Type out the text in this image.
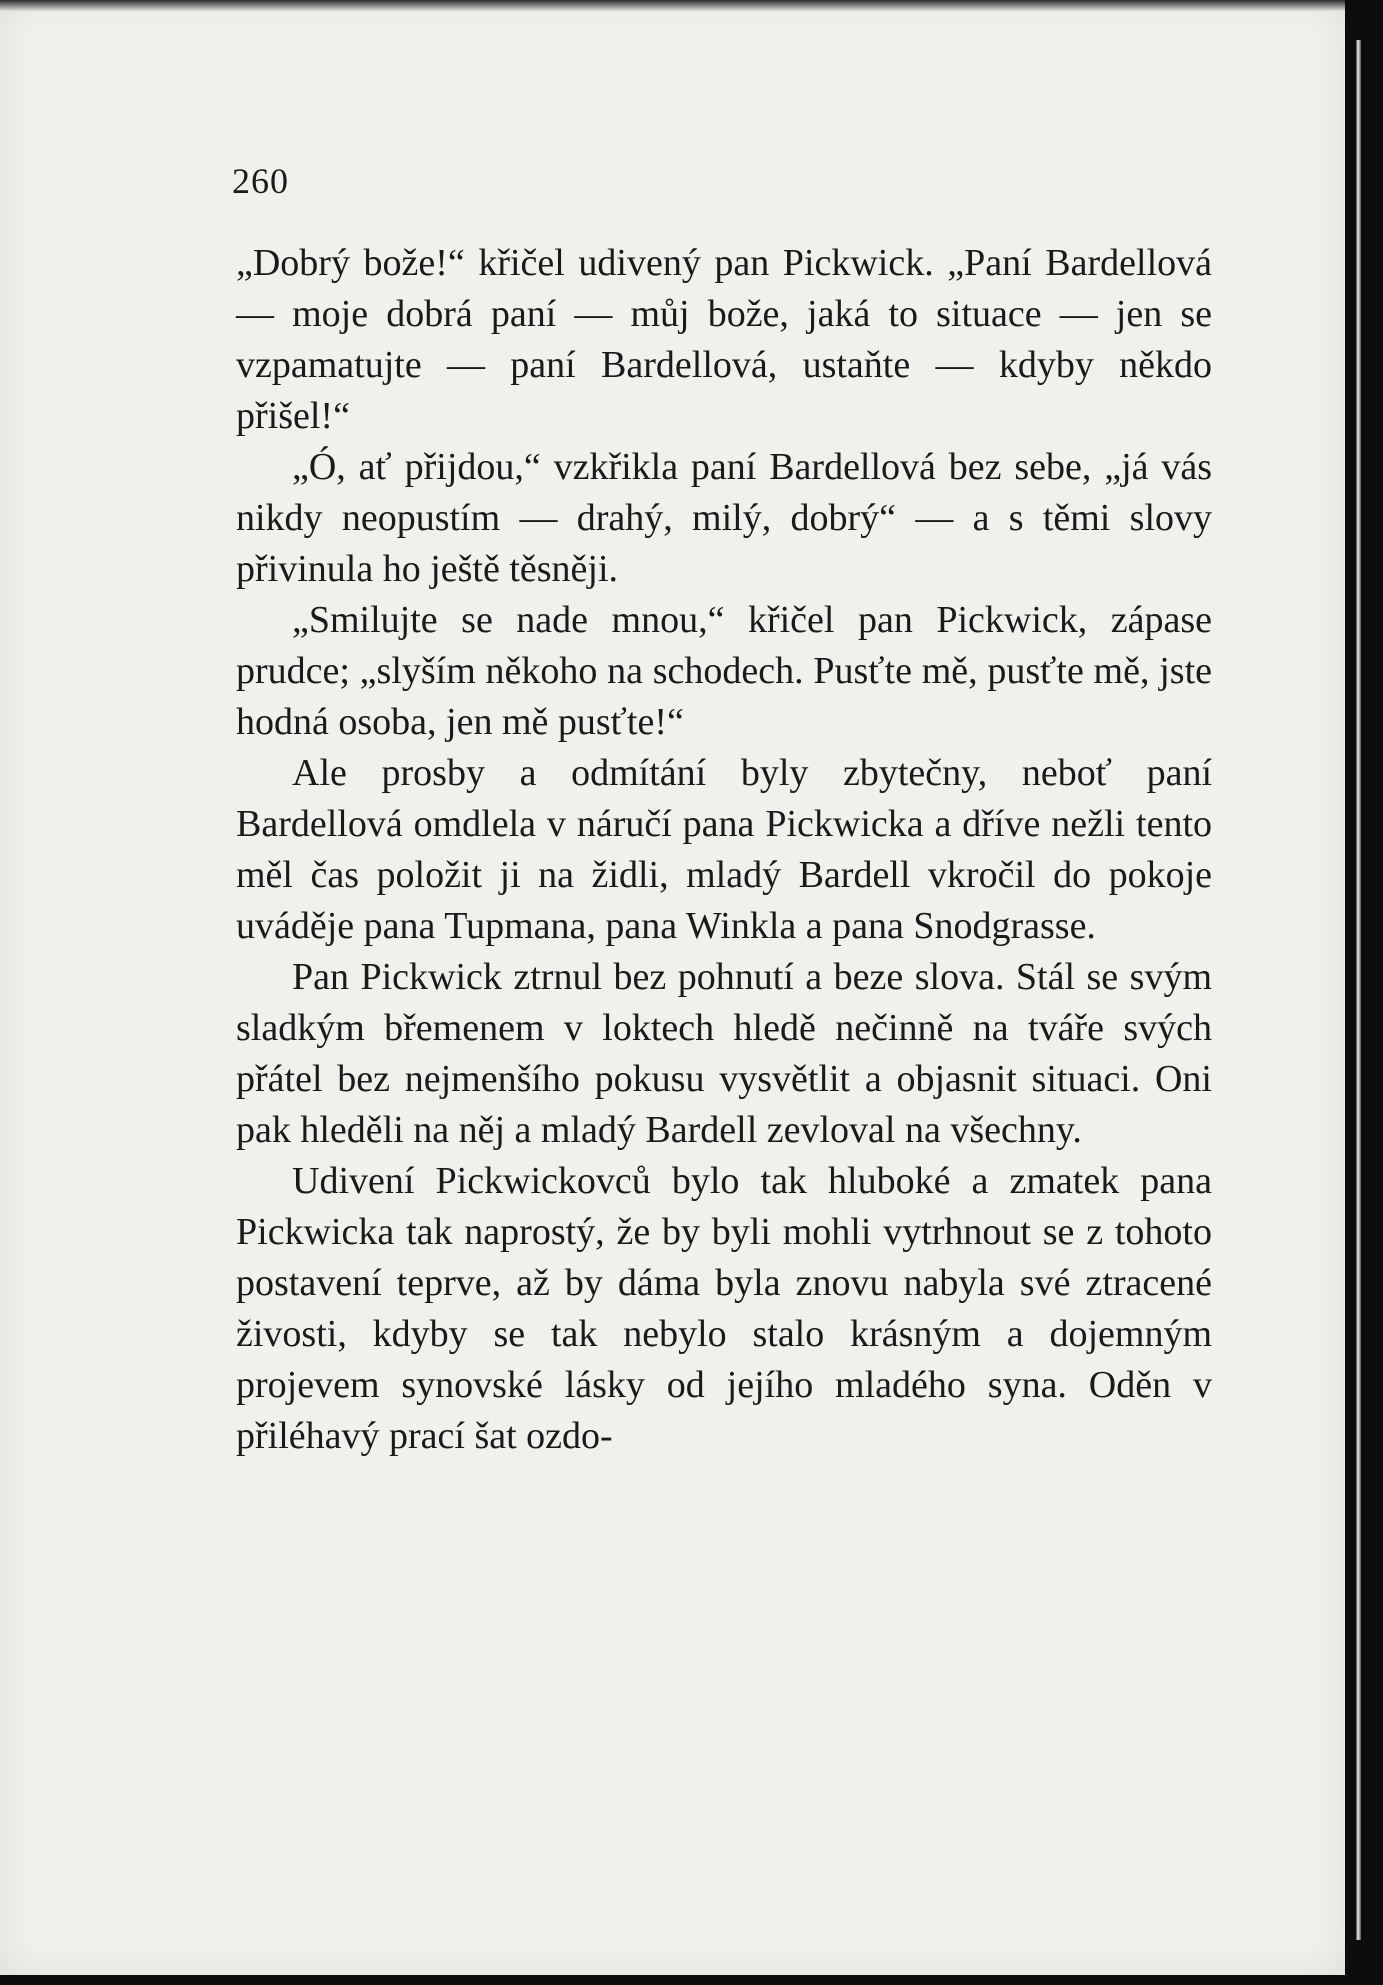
260

„Dobrý bože!“ křičel udivený pan Pickwick. „Paní Bardellová — moje dobrá paní — můj bože, jaká to situace — jen se vzpamatujte — paní Bardellová, ustaňte — kdyby někdo přišel!“

„Ó, ať přijdou,“ vzkřikla paní Bardellová bez sebe, „já vás nikdy neopustím — drahý, milý, dobrý“ — a s těmi slovy přivinula ho ještě těsněji.

„Smilujte se nade mnou,“ křičel pan Pickwick, zápase prudce; „slyším někoho na schodech. Pusťte mě, pusťte mě, jste hodná osoba, jen mě pusťte!“

Ale prosby a odmítání byly zbytečny, neboť paní Bardellová omdlela v náručí pana Pickwicka a dříve nežli tento měl čas položit ji na židli, mladý Bardell vkročil do pokoje uváděje pana Tupmana, pana Winkla a pana Snodgrasse.

Pan Pickwick ztrnul bez pohnutí a beze slova. Stál se svým sladkým břemenem v loktech hledě nečinně na tváře svých přátel bez nejmenšího pokusu vysvětlit a objasnit situaci. Oni pak hleděli na něj a mladý Bardell zevloval na všechny.

Udivení Pickwickovců bylo tak hluboké a zmatek pana Pickwicka tak naprostý, že by byli mohli vytrhnout se z tohoto postavení teprve, až by dáma byla znovu nabyla své ztracené živosti, kdyby se tak nebylo stalo krásným a dojemným projevem synovské lásky od jejího mladého syna. Oděn v přiléhavý prací šat ozdo-
